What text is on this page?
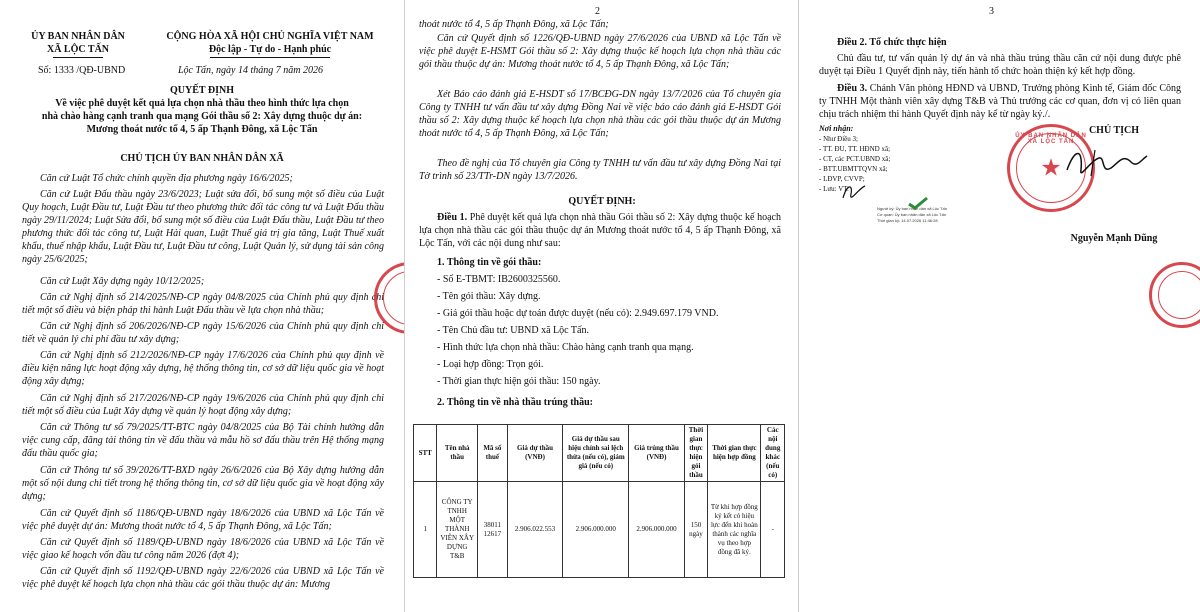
ỦY BAN NHÂN DÂN
XÃ LỘC TẤN
Số: 1333 /QĐ-UBND
CỘNG HÒA XÃ HỘI CHỦ NGHĨA VIỆT NAM
Độc lập - Tự do - Hạnh phúc
Lộc Tấn, ngày 14 tháng 7 năm 2026
QUYẾT ĐỊNH
Về việc phê duyệt kết quả lựa chọn nhà thầu theo hình thức lựa chọn
nhà chào hàng cạnh tranh qua mạng Gói thầu số 2: Xây dựng thuộc dự án:
Mương thoát nước tổ 4, 5 ấp Thạnh Đông, xã Lộc Tấn
CHỦ TỊCH ỦY BAN NHÂN DÂN XÃ
Căn cứ Luật Tổ chức chính quyền địa phương ngày 16/6/2025;
Căn cứ Luật Đấu thầu ngày 23/6/2023; Luật sửa đổi, bổ sung một số điều của Luật Quy hoạch, Luật Đầu tư, Luật Đầu tư theo phương thức đối tác công tư và Luật Đấu thầu ngày 29/11/2024; Luật Sửa đổi, bổ sung một số điều của Luật Đấu thầu, Luật Đầu tư theo phương thức đối tác công tư, Luật Hải quan, Luật Thuế giá trị gia tăng, Luật Thuế xuất khẩu, thuế nhập khẩu, Luật Đầu tư, Luật Đầu tư công, Luật Quản lý, sử dụng tài sản công ngày 25/6/2025;
Căn cứ Luật Xây dựng ngày 10/12/2025;
Căn cứ Nghị định số 214/2025/NĐ-CP ngày 04/8/2025 của Chính phủ quy định chi tiết một số điều và biện pháp thi hành Luật Đấu thầu về lựa chọn nhà thầu;
Căn cứ Nghị định số 206/2026/NĐ-CP ngày 15/6/2026 của Chính phủ quy định chi tiết về quản lý chi phí đầu tư xây dựng;
Căn cứ Nghị định số 212/2026/NĐ-CP ngày 17/6/2026 của Chính phủ quy định về điều kiện năng lực hoạt động xây dựng, hệ thống thông tin, cơ sở dữ liệu quốc gia về hoạt động xây dựng;
Căn cứ Nghị định số 217/2026/NĐ-CP ngày 19/6/2026 của Chính phủ quy định chi tiết một số điều của Luật Xây dựng về quản lý hoạt động xây dựng;
Căn cứ Thông tư số 79/2025/TT-BTC ngày 04/8/2025 của Bộ Tài chính hướng dẫn việc cung cấp, đăng tải thông tin về đấu thầu và mẫu hồ sơ đấu thầu trên Hệ thống mạng đấu thầu quốc gia;
Căn cứ Thông tư số 39/2026/TT-BXD ngày 26/6/2026 của Bộ Xây dựng hướng dẫn một số nội dung chi tiết trong hệ thống thông tin, cơ sở dữ liệu quốc gia về hoạt động xây dựng;
Căn cứ Quyết định số 1186/QĐ-UBND ngày 18/6/2026 của UBND xã Lộc Tấn về việc phê duyệt dự án: Mương thoát nước tổ 4, 5 ấp Thạnh Đông, xã Lộc Tấn;
Căn cứ Quyết định số 1189/QĐ-UBND ngày 18/6/2026 của UBND xã Lộc Tấn về việc giao kế hoạch vốn đầu tư công năm 2026 (đợt 4);
Căn cứ Quyết định số 1192/QĐ-UBND ngày 22/6/2026 của UBND xã Lộc Tấn về việc phê duyệt kế hoạch lựa chọn nhà thầu các gói thầu thuộc dự án: Mương
2
thoát nước tổ 4, 5 ấp Thạnh Đông, xã Lộc Tấn;
Căn cứ Quyết định số 1226/QĐ-UBND ngày 27/6/2026 của UBND xã Lộc Tấn về việc phê duyệt E-HSMT Gói thầu số 2: Xây dựng thuộc kế hoạch lựa chọn nhà thầu các gói thầu thuộc dự án: Mương thoát nước tổ 4, 5 ấp Thạnh Đông, xã Lộc Tấn;
Xét Báo cáo đánh giá E-HSDT số 17/BCĐG-DN ngày 13/7/2026 của Tổ chuyên gia Công ty TNHH tư vấn đầu tư xây dựng Đồng Nai về việc báo cáo đánh giá E-HSDT Gói thầu số 2: Xây dựng thuộc kế hoạch lựa chọn nhà thầu các gói thầu thuộc dự án Mương thoát nước tổ 4, 5 ấp Thạnh Đông, xã Lộc Tấn;
Theo đề nghị của Tổ chuyên gia Công ty TNHH tư vấn đầu tư xây dựng Đồng Nai tại Tờ trình số 23/TTr-DN ngày 13/7/2026.
QUYẾT ĐỊNH:
Điều 1. Phê duyệt kết quả lựa chọn nhà thầu Gói thầu số 2: Xây dựng thuộc kế hoạch lựa chọn nhà thầu các gói thầu thuộc dự án Mương thoát nước tổ 4, 5 ấp Thạnh Đông, xã Lộc Tấn, với các nội dung như sau:
1. Thông tin về gói thầu:
- Số E-TBMT: IB2600325560.
- Tên gói thầu: Xây dựng.
- Giá gói thầu hoặc dự toán được duyệt (nếu có): 2.949.697.179 VND.
- Tên Chủ đầu tư: UBND xã Lộc Tấn.
- Hình thức lựa chọn nhà thầu: Chào hàng cạnh tranh qua mạng.
- Loại hợp đồng: Trọn gói.
- Thời gian thực hiện gói thầu: 150 ngày.
2. Thông tin về nhà thầu trúng thầu:
STT	Tên nhà thầu	Mã số thuế	Giá dự thầu (VNĐ)	Giá dự thầu sau hiệu chỉnh sai lệch thừa (nếu có), giảm giá (nếu có)	Giá trúng thầu (VNĐ)	Thời gian thực hiện gói thầu	Thời gian thực hiện hợp đồng	Các nội dung khác (nếu có)
1	CÔNG TY TNHH MỘT THÀNH VIÊN XÂY DỰNG T&B	38011 12617	2.906.022.553	2.906.000.000	2.906.000.000	150 ngày	Từ khi hợp đồng ký kết có hiệu lực đến khi hoàn thành các nghĩa vụ theo hợp đồng đã ký.	-
3
Điều 2. Tổ chức thực hiện
Chủ đầu tư, tư vấn quản lý dự án và nhà thầu trúng thầu căn cứ nội dung được phê duyệt tại Điều 1 Quyết định này, tiến hành tổ chức hoàn thiện ký kết hợp đồng.
Điều 3. Chánh Văn phòng HĐND và UBND, Trưởng phòng Kinh tế, Giám đốc Công ty TNHH Một thành viên xây dựng T&B và Thủ trưởng các cơ quan, đơn vị có liên quan chịu trách nhiệm thi hành Quyết định này kể từ ngày ký./.
Nơi nhận:
- Như Điều 3;
- TT. ĐU, TT. HĐND xã;
- CT, các PCT.UBND xã;
- BTT.UBMTTQVN xã;
- LĐVP, CVVP;
- Lưu: VT.
Người ký: Ủy ban nhân dân xã Lộc Tấn
Cơ quan: Ủy ban nhân dân xã Lộc Tấn
Thời gian ký: 14.07.2026 11:46:28
CHỦ TỊCH
ỦY BAN NHÂN DÂN XÃ LỘC TẤN
★
Nguyễn Mạnh Dũng
